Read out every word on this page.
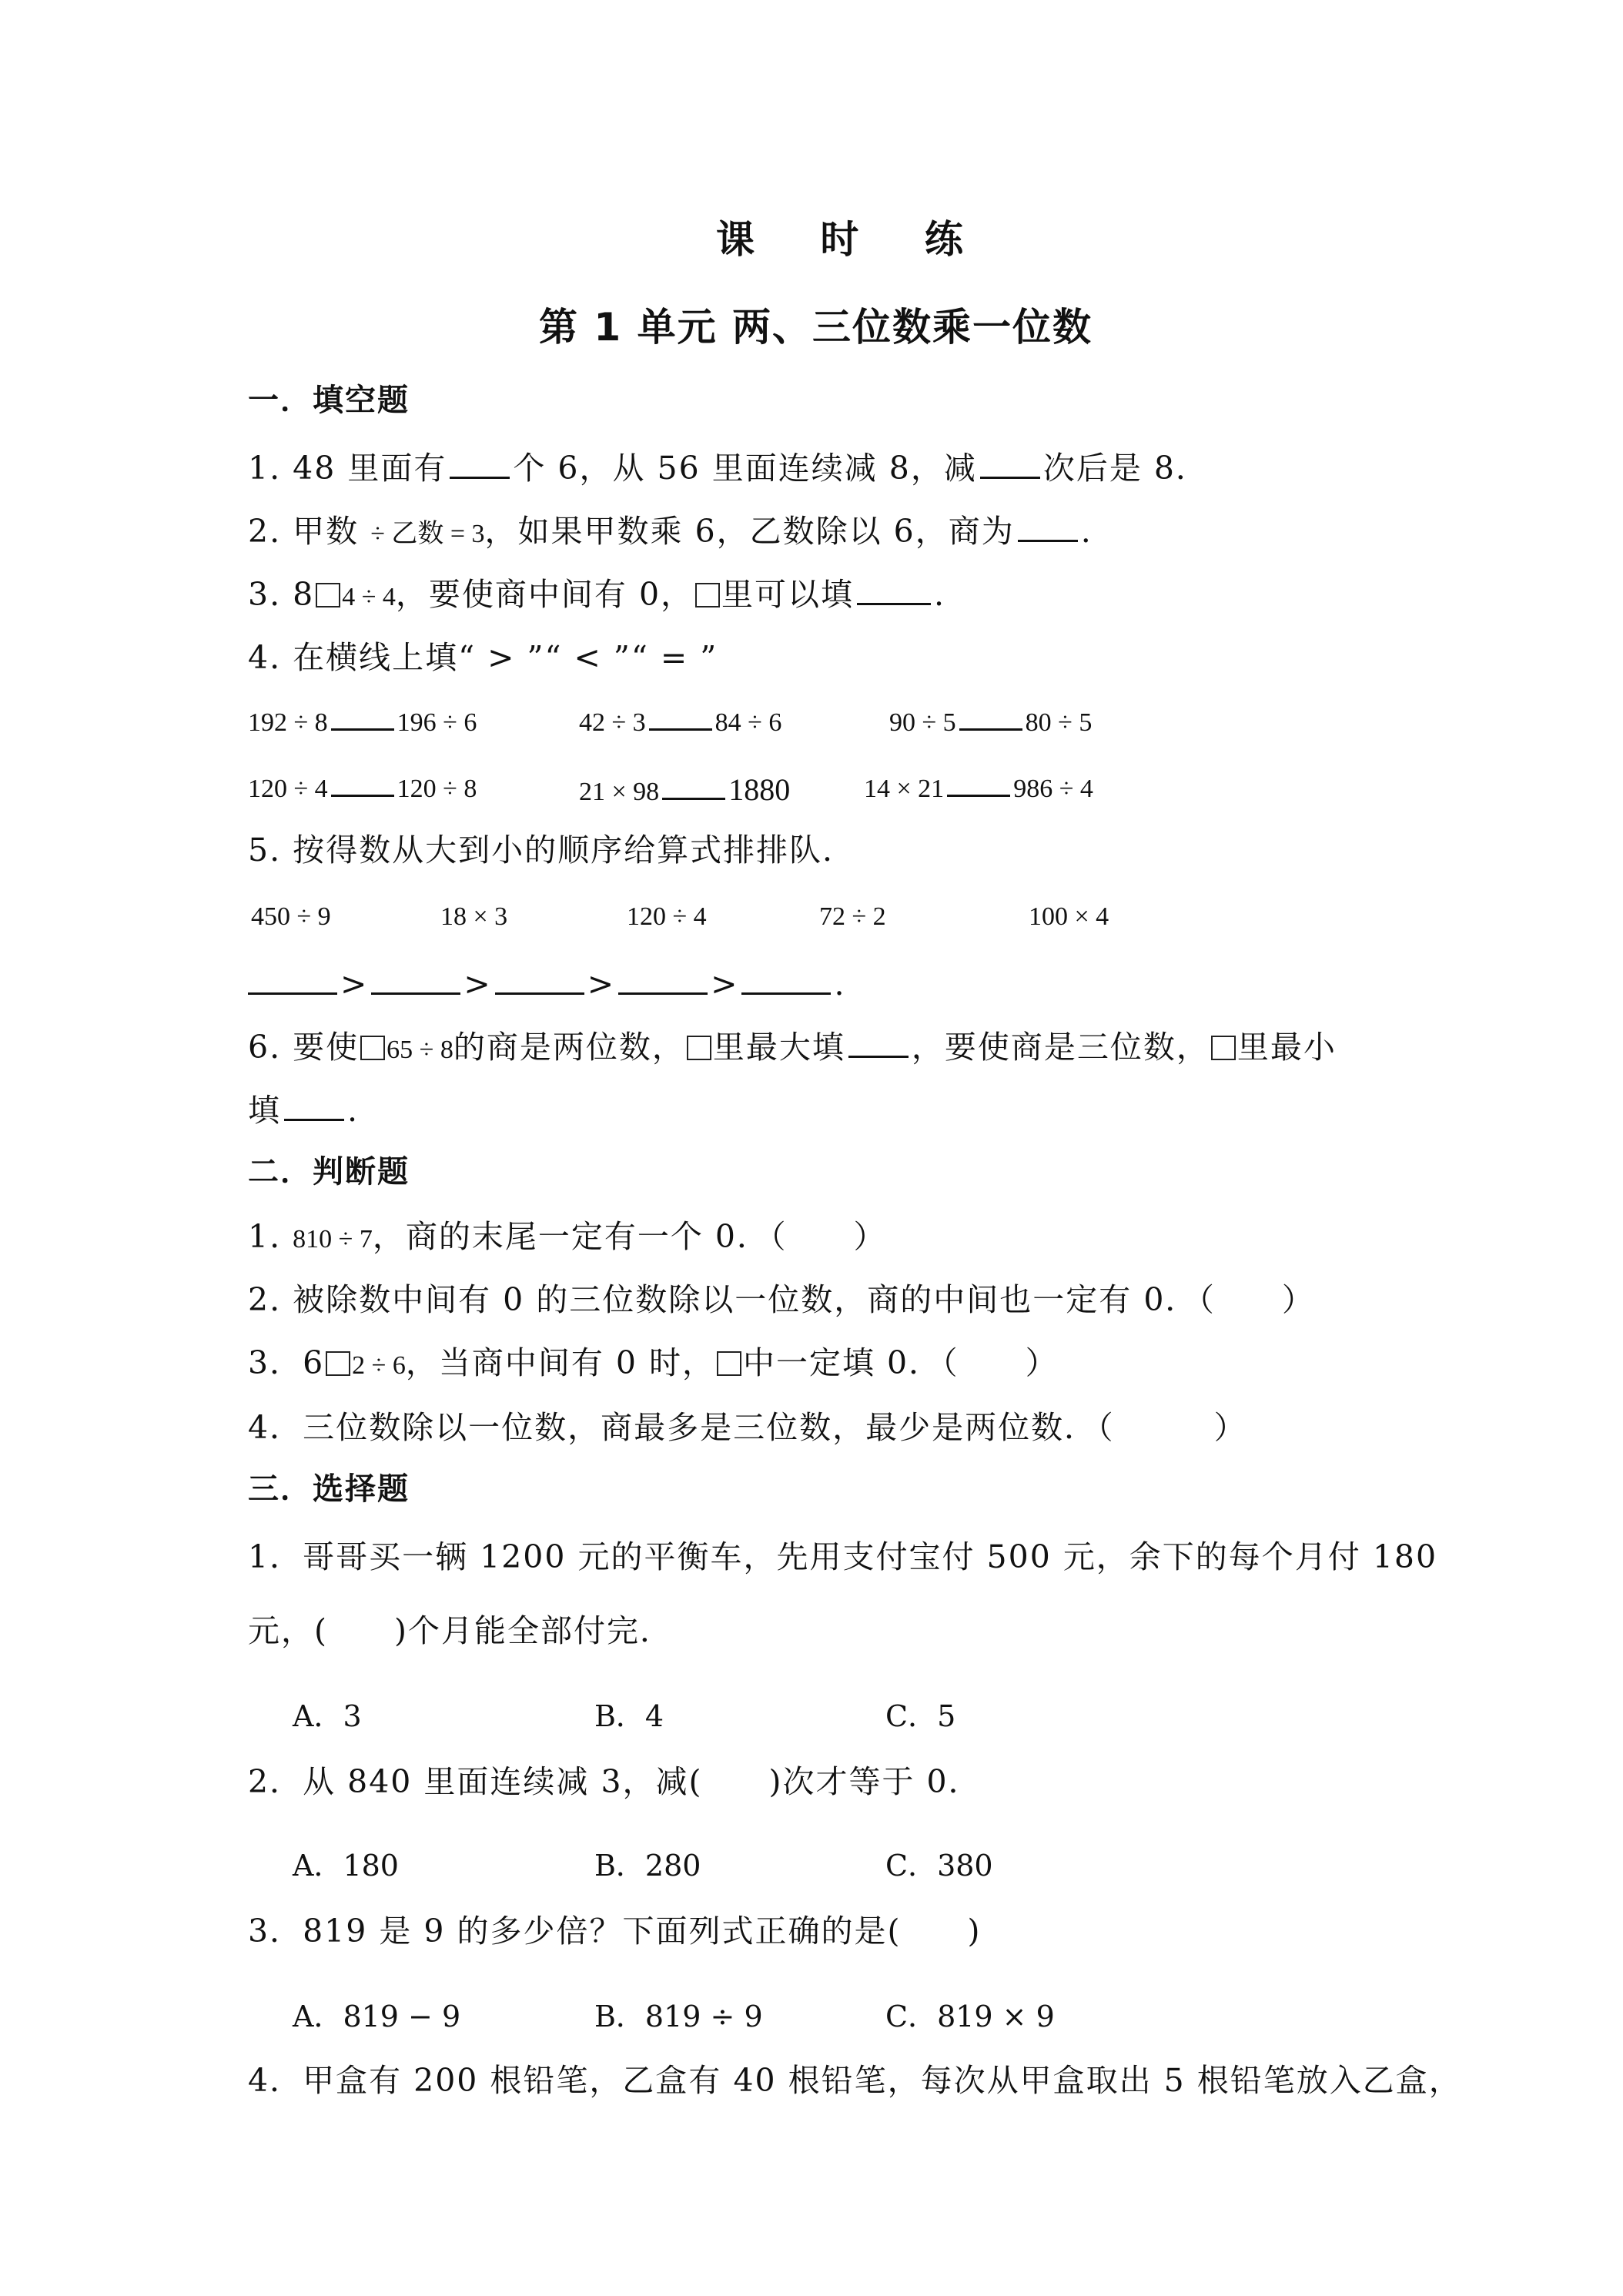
课 时 练
第 1 单元 两、三位数乘一位数
一．填空题
1. 48 里面有 个 6，从 56 里面连续减 8，减 次后是 8．
2. 甲数 ÷ 乙数 = 3，如果甲数乘 6，乙数除以 6，商为 .
3. 8 4 ÷ 4，要使商中间有 0， 里可以填	.
4. 在横线上填“ > ”“ < ”“ = ”
192 ÷ 8	196 ÷ 6	42 ÷ 3	84 ÷ 6	90 ÷ 5	80 ÷ 5
120 ÷ 4	120 ÷ 8	21 × 98 1880	14 × 21	986 ÷ 4
5. 按得数从大到小的顺序给算式排排队．
450 ÷ 9	18 × 3	120 ÷ 4	72 ÷ 2	100 × 4
>	>	>	>	.
6. 要使 65 ÷ 8的商是两位数， 里最大填 ，要使商是三位数， 里最小
填 .
二．判断题
1. 810 ÷ 7，商的末尾一定有一个 0．（　　）
2. 被除数中间有 0 的三位数除以一位数，商的中间也一定有 0．（　　）
3．6 2 ÷ 6，当商中间有 0 时， 中一定填 0．（　　）
4．三位数除以一位数，商最多是三位数，最少是两位数．（　　　）
三．选择题
1．哥哥买一辆 1200 元的平衡车，先用支付宝付 500 元，余下的每个月付 180
元，(　　)个月能全部付完．
A．3	B．4	C．5
2．从 840 里面连续减 3，减(　　)次才等于 0．
A．180	B．280	C．380
3．819 是 9 的多少倍？下面列式正确的是(　　)
A．819 − 9	B．819 ÷ 9	C．819 × 9
4．甲盒有 200 根铅笔，乙盒有 40 根铅笔，每次从甲盒取出 5 根铅笔放入乙盒，
